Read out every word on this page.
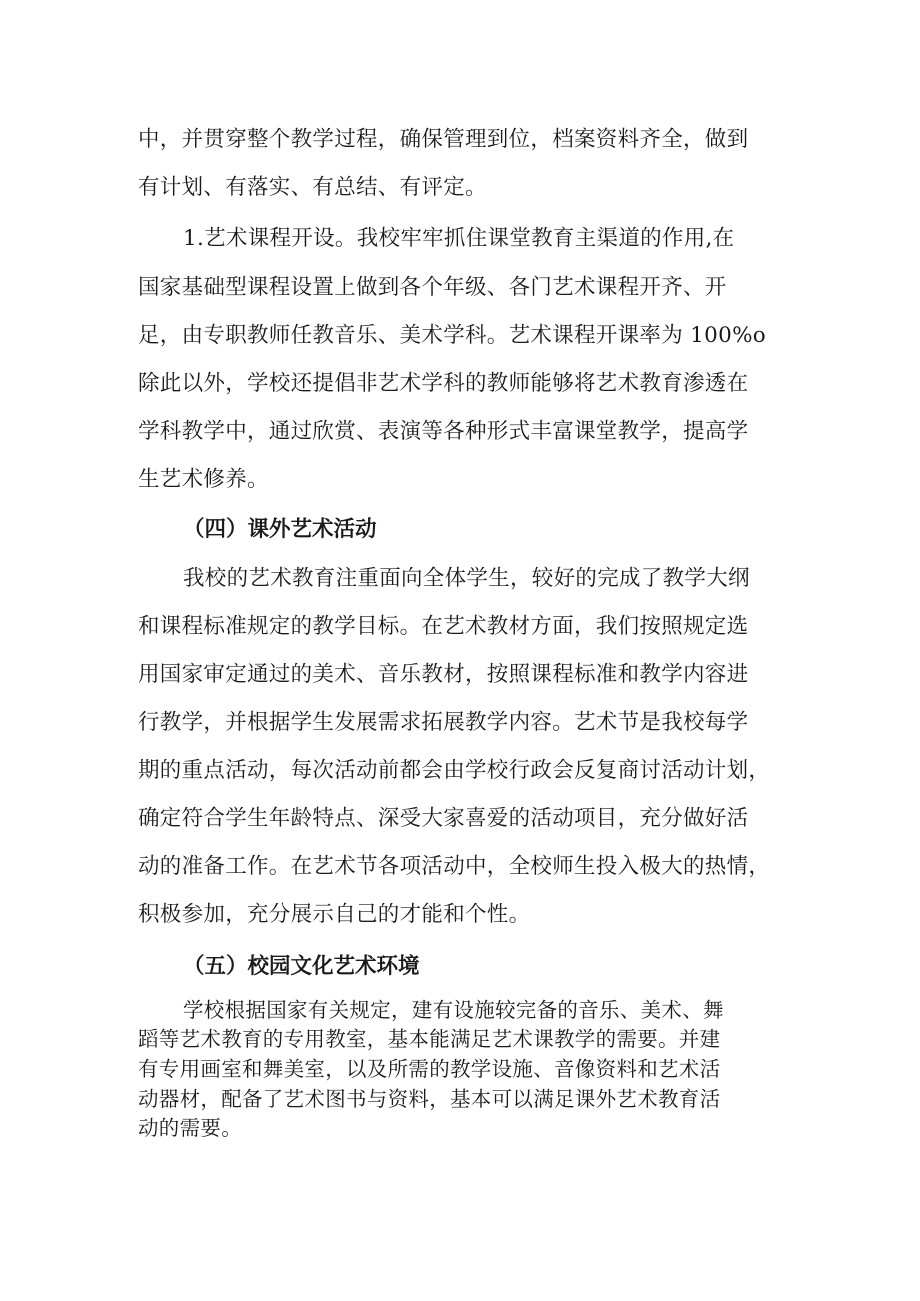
中，并贯穿整个教学过程，确保管理到位，档案资料齐全，做到
有计划、有落实、有总结、有评定。
1.艺术课程开设。我校牢牢抓住课堂教育主渠道的作用,在
国家基础型课程设置上做到各个年级、各门艺术课程开齐、开
足，由专职教师任教音乐、美术学科。艺术课程开课率为 100%o
除此以外，学校还提倡非艺术学科的教师能够将艺术教育渗透在
学科教学中，通过欣赏、表演等各种形式丰富课堂教学，提高学
生艺术修养。
（四）课外艺术活动
我校的艺术教育注重面向全体学生，较好的完成了教学大纲
和课程标准规定的教学目标。在艺术教材方面，我们按照规定选
用国家审定通过的美术、音乐教材，按照课程标准和教学内容进
行教学，并根据学生发展需求拓展教学内容。艺术节是我校每学
期的重点活动，每次活动前都会由学校行政会反复商讨活动计划，
确定符合学生年龄特点、深受大家喜爱的活动项目，充分做好活
动的准备工作。在艺术节各项活动中，全校师生投入极大的热情，
积极参加，充分展示自己的才能和个性。
（五）校园文化艺术环境
学校根据国家有关规定，建有设施较完备的音乐、美术、舞
蹈等艺术教育的专用教室，基本能满足艺术课教学的需要。并建
有专用画室和舞美室，以及所需的教学设施、音像资料和艺术活
动器材，配备了艺术图书与资料，基本可以满足课外艺术教育活
动的需要。
